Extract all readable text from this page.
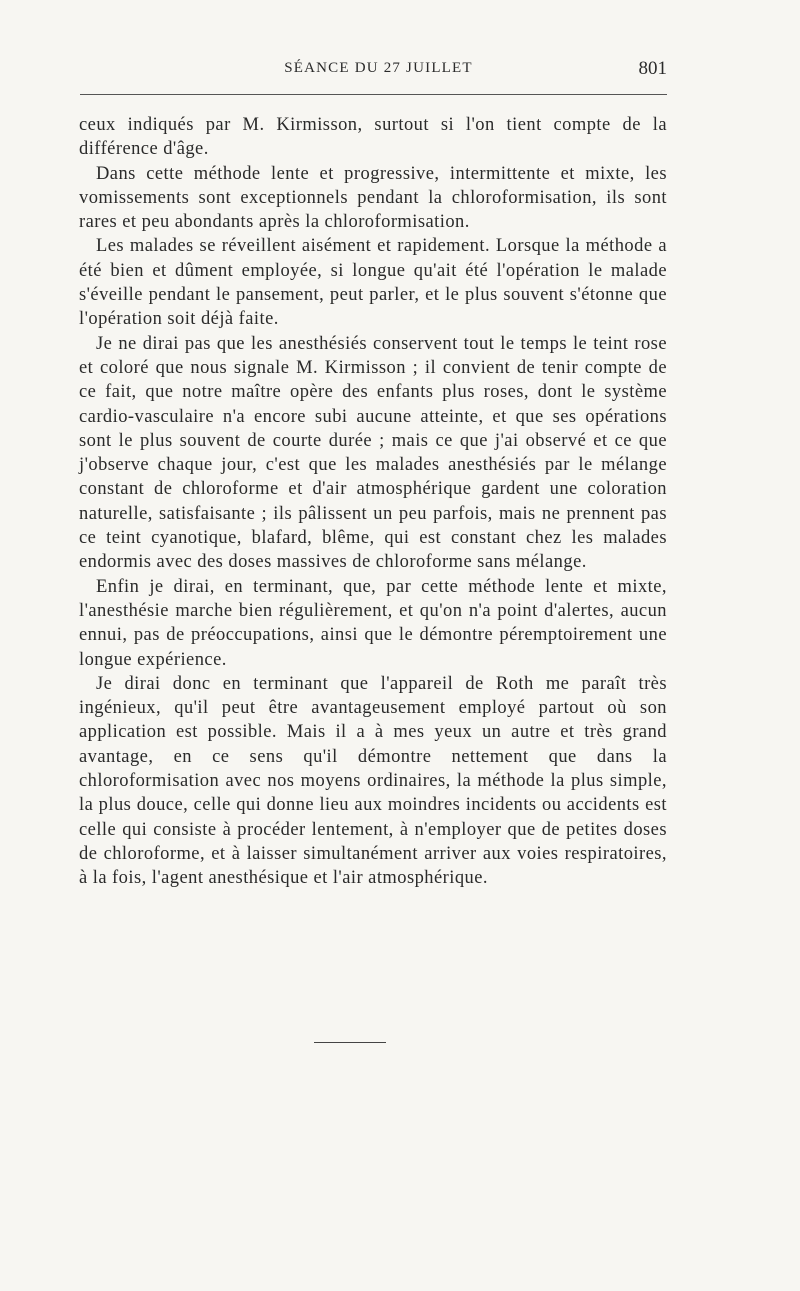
SÉANCE DU 27 JUILLET	801

ceux indiqués par M. Kirmisson, surtout si l'on tient compte de la différence d'âge.

Dans cette méthode lente et progressive, intermittente et mixte, les vomissements sont exceptionnels pendant la chloroformisation, ils sont rares et peu abondants après la chloroformisation.

Les malades se réveillent aisément et rapidement. Lorsque la méthode a été bien et dûment employée, si longue qu'ait été l'opération le malade s'éveille pendant le pansement, peut parler, et le plus souvent s'étonne que l'opération soit déjà faite.

Je ne dirai pas que les anesthésiés conservent tout le temps le teint rose et coloré que nous signale M. Kirmisson ; il convient de tenir compte de ce fait, que notre maître opère des enfants plus roses, dont le système cardio-vasculaire n'a encore subi aucune atteinte, et que ses opérations sont le plus souvent de courte durée ; mais ce que j'ai observé et ce que j'observe chaque jour, c'est que les malades anesthésiés par le mélange constant de chloroforme et d'air atmosphérique gardent une coloration naturelle, satisfaisante ; ils pâlissent un peu parfois, mais ne prennent pas ce teint cyanotique, blafard, blême, qui est constant chez les malades endormis avec des doses massives de chloroforme sans mélange.

Enfin je dirai, en terminant, que, par cette méthode lente et mixte, l'anesthésie marche bien régulièrement, et qu'on n'a point d'alertes, aucun ennui, pas de préoccupations, ainsi que le démontre péremptoirement une longue expérience.

Je dirai donc en terminant que l'appareil de Roth me paraît très ingénieux, qu'il peut être avantageusement employé partout où son application est possible. Mais il a à mes yeux un autre et très grand avantage, en ce sens qu'il démontre nettement que dans la chloroformisation avec nos moyens ordinaires, la méthode la plus simple, la plus douce, celle qui donne lieu aux moindres incidents ou accidents est celle qui consiste à procéder lentement, à n'employer que de petites doses de chloroforme, et à laisser simultanément arriver aux voies respiratoires, à la fois, l'agent anesthésique et l'air atmosphérique.
